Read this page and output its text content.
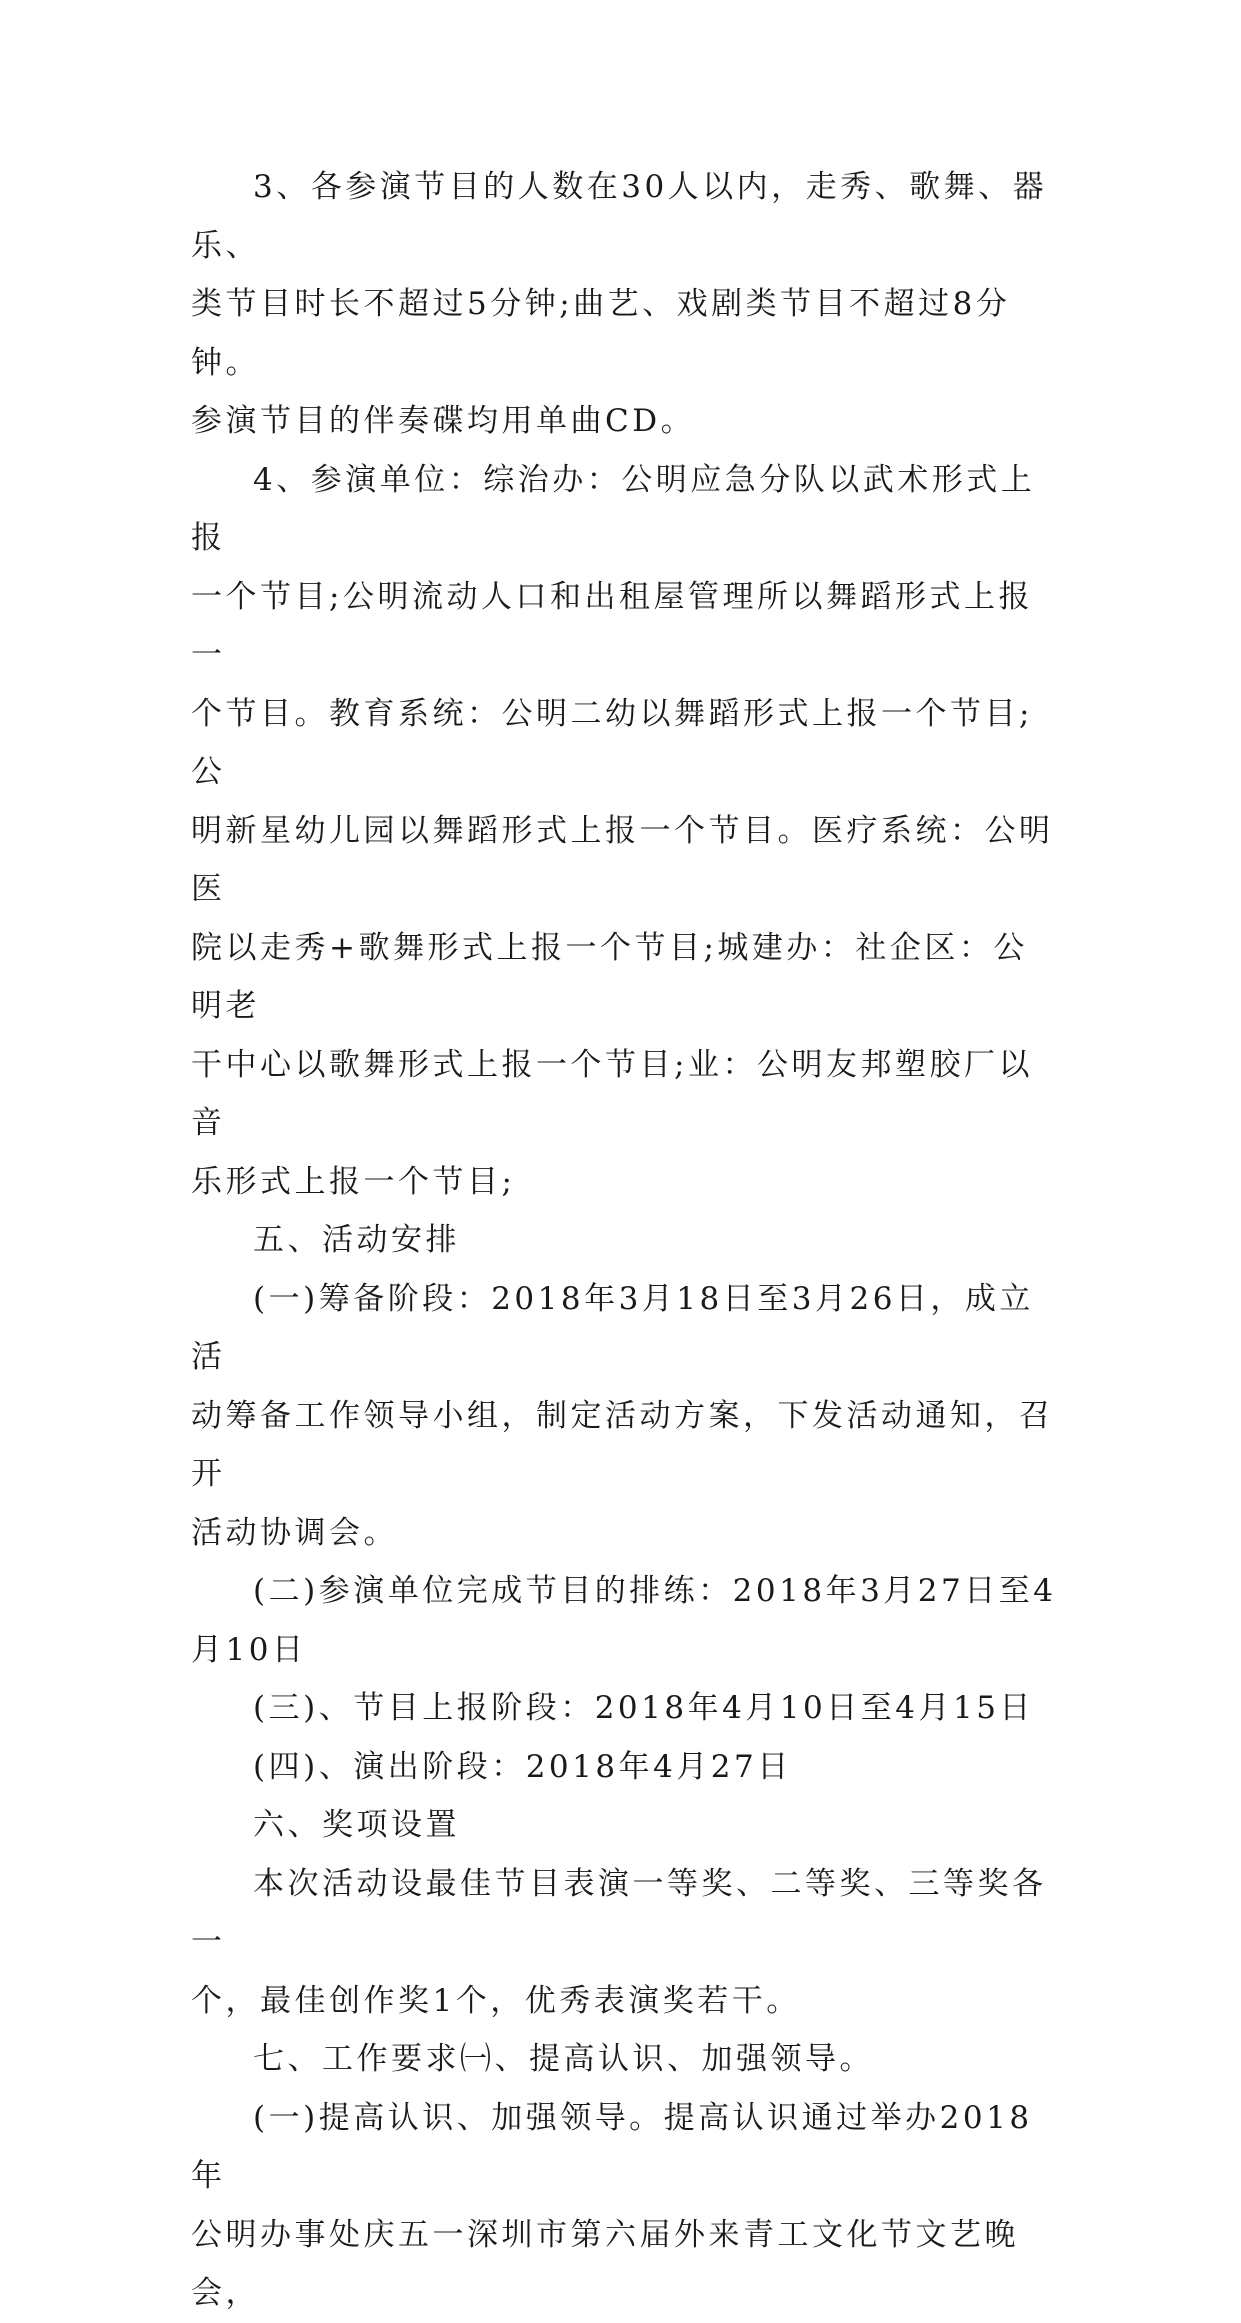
3、各参演节目的人数在30人以内，走秀、歌舞、器乐、
类节目时长不超过5分钟;曲艺、戏剧类节目不超过8分钟。
参演节目的伴奏碟均用单曲CD。

4、参演单位：综治办：公明应急分队以武术形式上报
一个节目;公明流动人口和出租屋管理所以舞蹈形式上报一
个节目。教育系统：公明二幼以舞蹈形式上报一个节目;公
明新星幼儿园以舞蹈形式上报一个节目。医疗系统：公明医
院以走秀+歌舞形式上报一个节目;城建办：社企区：公明老
干中心以歌舞形式上报一个节目;业：公明友邦塑胶厂以音
乐形式上报一个节目;

五、活动安排

(一)筹备阶段：2018年3月18日至3月26日，成立活
动筹备工作领导小组，制定活动方案，下发活动通知，召开
活动协调会。

(二)参演单位完成节目的排练：2018年3月27日至4
月10日

(三)、节目上报阶段：2018年4月10日至4月15日

(四)、演出阶段：2018年4月27日

六、奖项设置

本次活动设最佳节目表演一等奖、二等奖、三等奖各一
个，最佳创作奖1个，优秀表演奖若干。

七、工作要求㈠、提高认识、加强领导。

(一)提高认识、加强领导。提高认识通过举办2018年
公明办事处庆五一深圳市第六届外来青工文化节文艺晚会，
